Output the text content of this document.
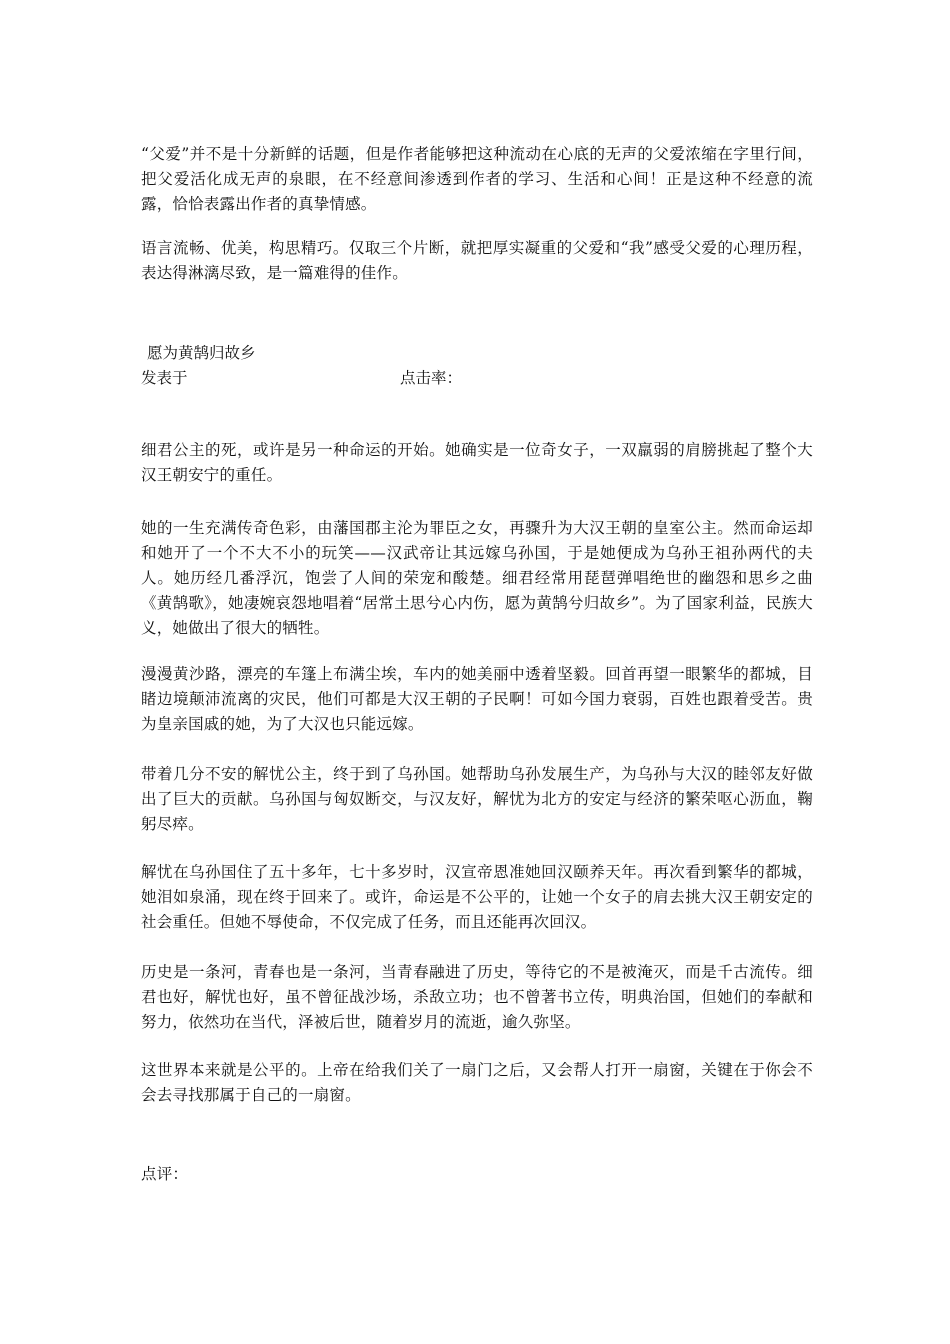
“父爱”并不是十分新鲜的话题，但是作者能够把这种流动在心底的无声的父爱浓缩在字里行间，把父爱活化成无声的泉眼，在不经意间渗透到作者的学习、生活和心间！正是这种不经意的流露，恰恰表露出作者的真挚情感。

语言流畅、优美，构思精巧。仅取三个片断，就把厚实凝重的父爱和“我”感受父爱的心理历程，表达得淋漓尽致，是一篇难得的佳作。

愿为黄鹄归故乡

发表于	点击率：

细君公主的死，或许是另一种命运的开始。她确实是一位奇女子，一双羸弱的肩膀挑起了整个大汉王朝安宁的重任。

她的一生充满传奇色彩，由藩国郡主沦为罪臣之女，再骤升为大汉王朝的皇室公主。然而命运却和她开了一个不大不小的玩笑——汉武帝让其远嫁乌孙国，于是她便成为乌孙王祖孙两代的夫人。她历经几番浮沉，饱尝了人间的荣宠和酸楚。细君经常用琵琶弹唱绝世的幽怨和思乡之曲《黄鹄歌》，她凄婉哀怨地唱着“居常土思兮心内伤，愿为黄鹄兮归故乡”。为了国家利益，民族大义，她做出了很大的牺牲。

漫漫黄沙路，漂亮的车篷上布满尘埃，车内的她美丽中透着坚毅。回首再望一眼繁华的都城，目睹边境颠沛流离的灾民，他们可都是大汉王朝的子民啊！可如今国力衰弱，百姓也跟着受苦。贵为皇亲国戚的她，为了大汉也只能远嫁。

带着几分不安的解忧公主，终于到了乌孙国。她帮助乌孙发展生产，为乌孙与大汉的睦邻友好做出了巨大的贡献。乌孙国与匈奴断交，与汉友好，解忧为北方的安定与经济的繁荣呕心沥血，鞠躬尽瘁。

解忧在乌孙国住了五十多年，七十多岁时，汉宣帝恩准她回汉颐养天年。再次看到繁华的都城，她泪如泉涌，现在终于回来了。或许，命运是不公平的，让她一个女子的肩去挑大汉王朝安定的社会重任。但她不辱使命，不仅完成了任务，而且还能再次回汉。

历史是一条河，青春也是一条河，当青春融进了历史，等待它的不是被淹灭，而是千古流传。细君也好，解忧也好，虽不曾征战沙场，杀敌立功；也不曾著书立传，明典治国，但她们的奉献和努力，依然功在当代，泽被后世，随着岁月的流逝，逾久弥坚。

这世界本来就是公平的。上帝在给我们关了一扇门之后，又会帮人打开一扇窗，关键在于你会不会去寻找那属于自己的一扇窗。

点评：
